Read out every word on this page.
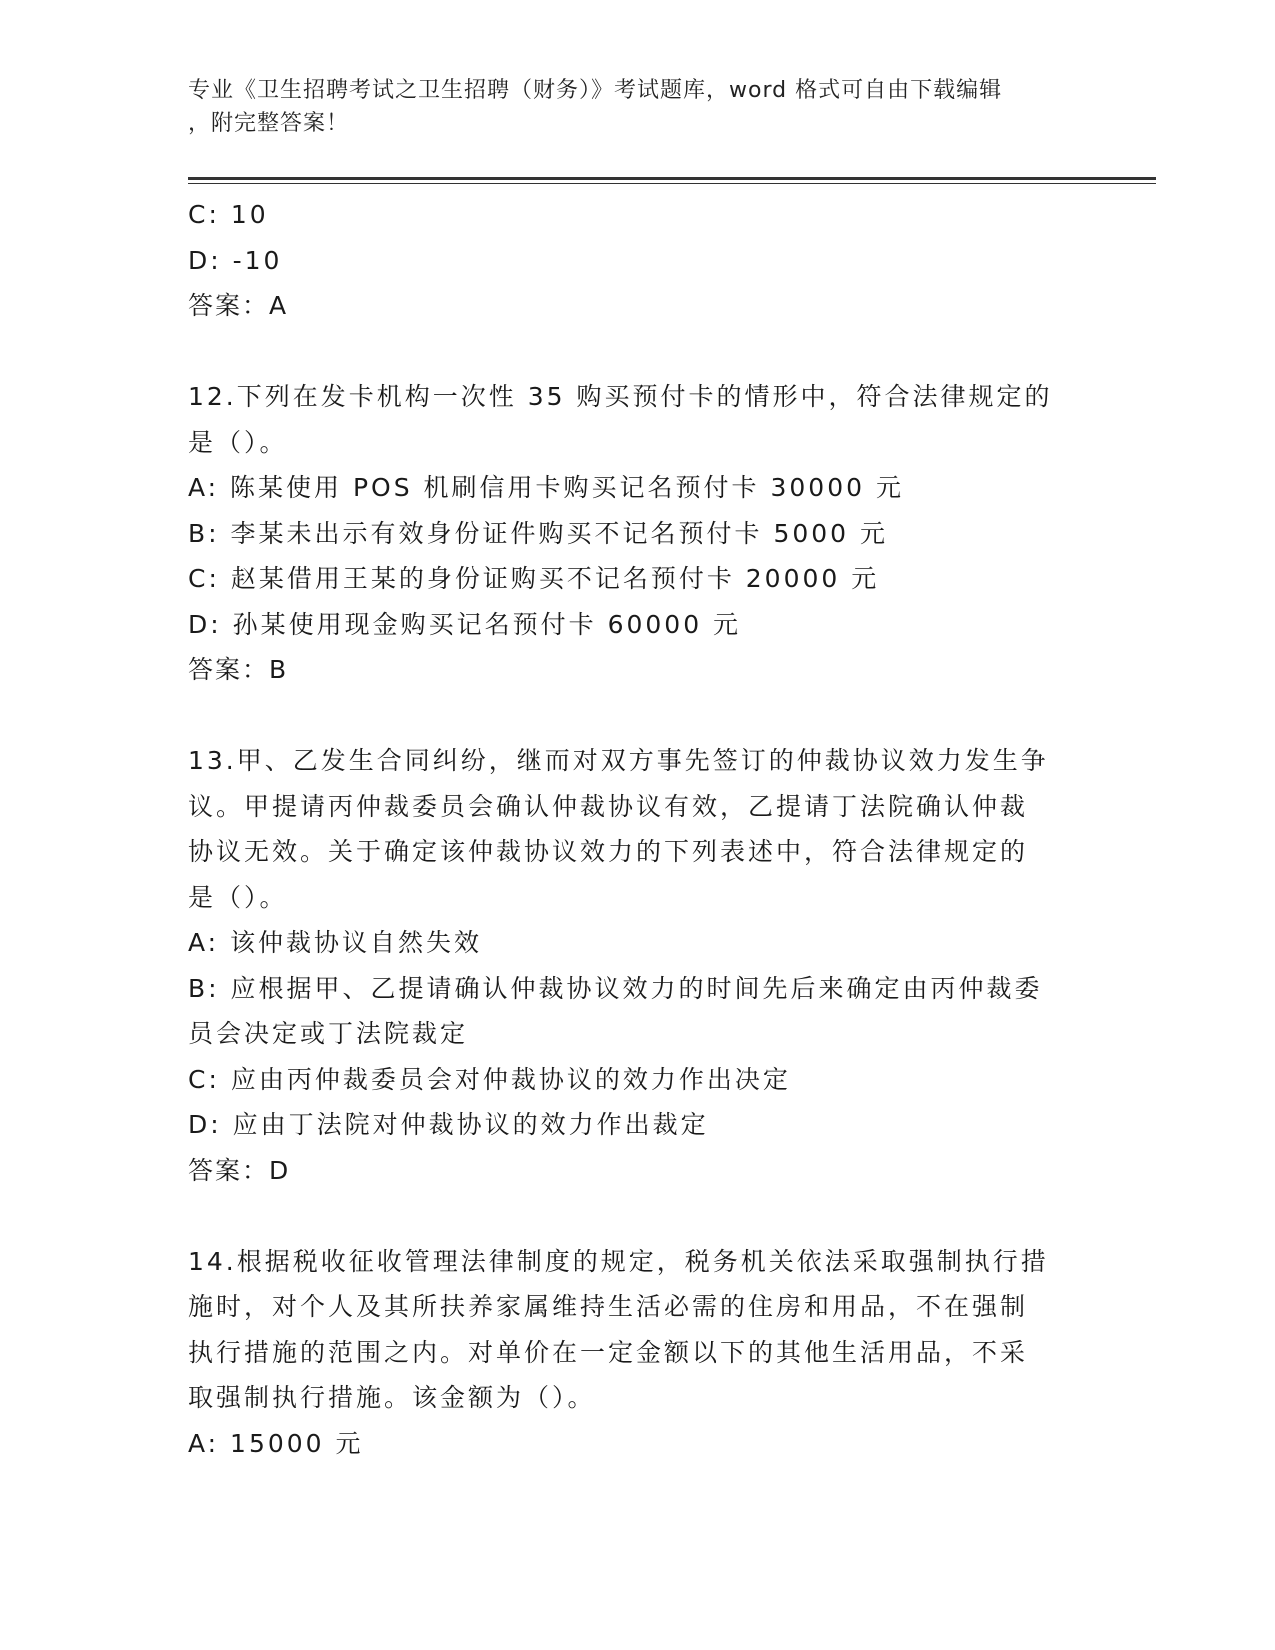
专业《卫生招聘考试之卫生招聘（财务）》考试题库，word 格式可自由下载编辑
，附完整答案！
C: 10
D: -10
答案：A
12.下列在发卡机构一次性 35 购买预付卡的情形中，符合法律规定的
是（）。
A: 陈某使用 POS 机刷信用卡购买记名预付卡 30000 元
B: 李某未出示有效身份证件购买不记名预付卡 5000 元
C: 赵某借用王某的身份证购买不记名预付卡 20000 元
D: 孙某使用现金购买记名预付卡 60000 元
答案：B
13.甲、乙发生合同纠纷，继而对双方事先签订的仲裁协议效力发生争
议。甲提请丙仲裁委员会确认仲裁协议有效，乙提请丁法院确认仲裁
协议无效。关于确定该仲裁协议效力的下列表述中，符合法律规定的
是（）。
A: 该仲裁协议自然失效
B: 应根据甲、乙提请确认仲裁协议效力的时间先后来确定由丙仲裁委
员会决定或丁法院裁定
C: 应由丙仲裁委员会对仲裁协议的效力作出决定
D: 应由丁法院对仲裁协议的效力作出裁定
答案：D
14.根据税收征收管理法律制度的规定，税务机关依法采取强制执行措
施时，对个人及其所扶养家属维持生活必需的住房和用品，不在强制
执行措施的范围之内。对单价在一定金额以下的其他生活用品，不采
取强制执行措施。该金额为（）。
A: 15000 元
